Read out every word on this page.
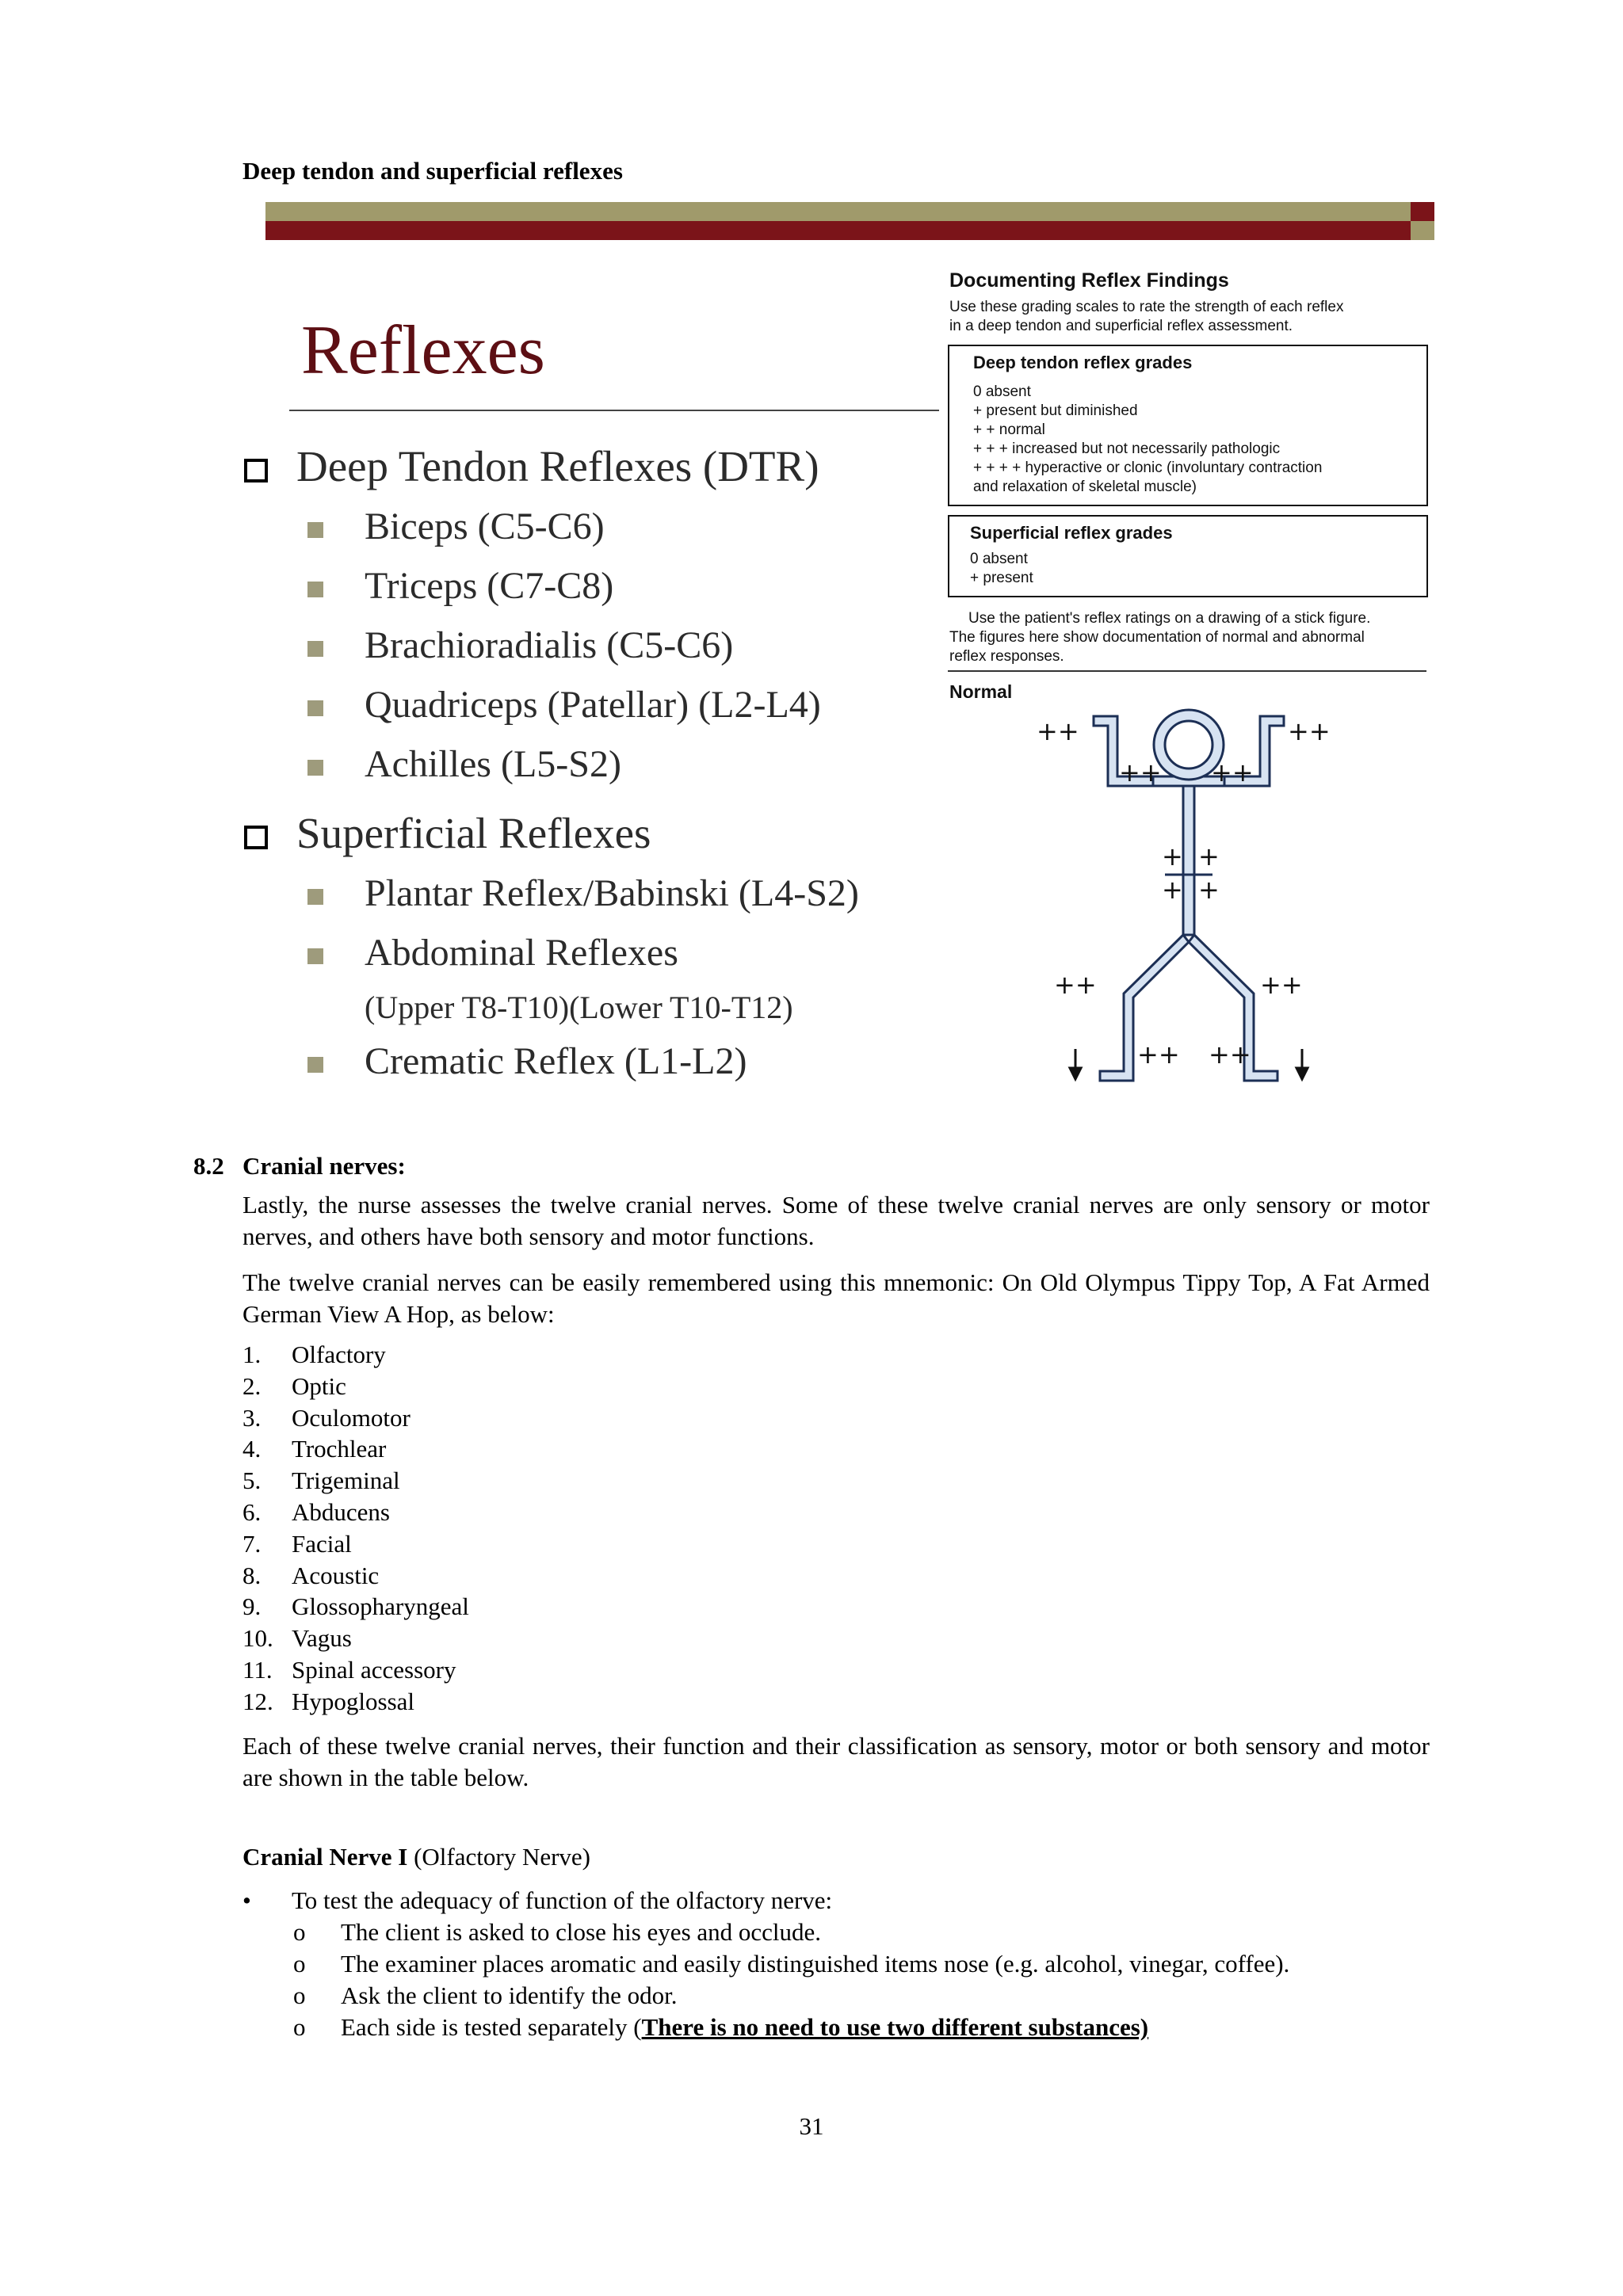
Deep tendon and superficial reflexes
Reflexes
Deep Tendon Reflexes (DTR)
Biceps (C5-C6)
Triceps (C7-C8)
Brachioradialis (C5-C6)
Quadriceps (Patellar) (L2-L4)
Achilles (L5-S2)
Superficial Reflexes
Plantar Reflex/Babinski (L4-S2)
Abdominal Reflexes
(Upper T8-T10)(Lower T10-T12)
Crematic Reflex (L1-L2)
Documenting Reflex Findings
Use these grading scales to rate the strength of each reflex
in a deep tendon and superficial reflex assessment.
Deep tendon reflex grades
0 absent
+ present but diminished
+ + normal
+ + + increased but not necessarily pathologic
+ + + + hyperactive or clonic (involuntary contraction
and relaxation of skeletal muscle)
Superficial reflex grades
0 absent
+ present
Use the patient's reflex ratings on a drawing of a stick figure.
The figures here show documentation of normal and abnormal
reflex responses.
Normal
++	++
++ ++
+ +
+ +
++	++
++ ++
8.2 Cranial nerves:
Lastly, the nurse assesses the twelve cranial nerves. Some of these twelve cranial nerves are only sensory or motor nerves, and others have both sensory and motor functions.
The twelve cranial nerves can be easily remembered using this mnemonic: On Old Olympus Tippy Top, A Fat Armed German View A Hop, as below:
1. Olfactory
2. Optic
3. Oculomotor
4. Trochlear
5. Trigeminal
6. Abducens
7. Facial
8. Acoustic
9. Glossopharyngeal
10. Vagus
11. Spinal accessory
12. Hypoglossal
Each of these twelve cranial nerves, their function and their classification as sensory, motor or both sensory and motor are shown in the table below.
Cranial Nerve I (Olfactory Nerve)
• To test the adequacy of function of the olfactory nerve:
o The client is asked to close his eyes and occlude.
o The examiner places aromatic and easily distinguished items nose (e.g. alcohol, vinegar, coffee).
o Ask the client to identify the odor.
o Each side is tested separately (There is no need to use two different substances)
31
